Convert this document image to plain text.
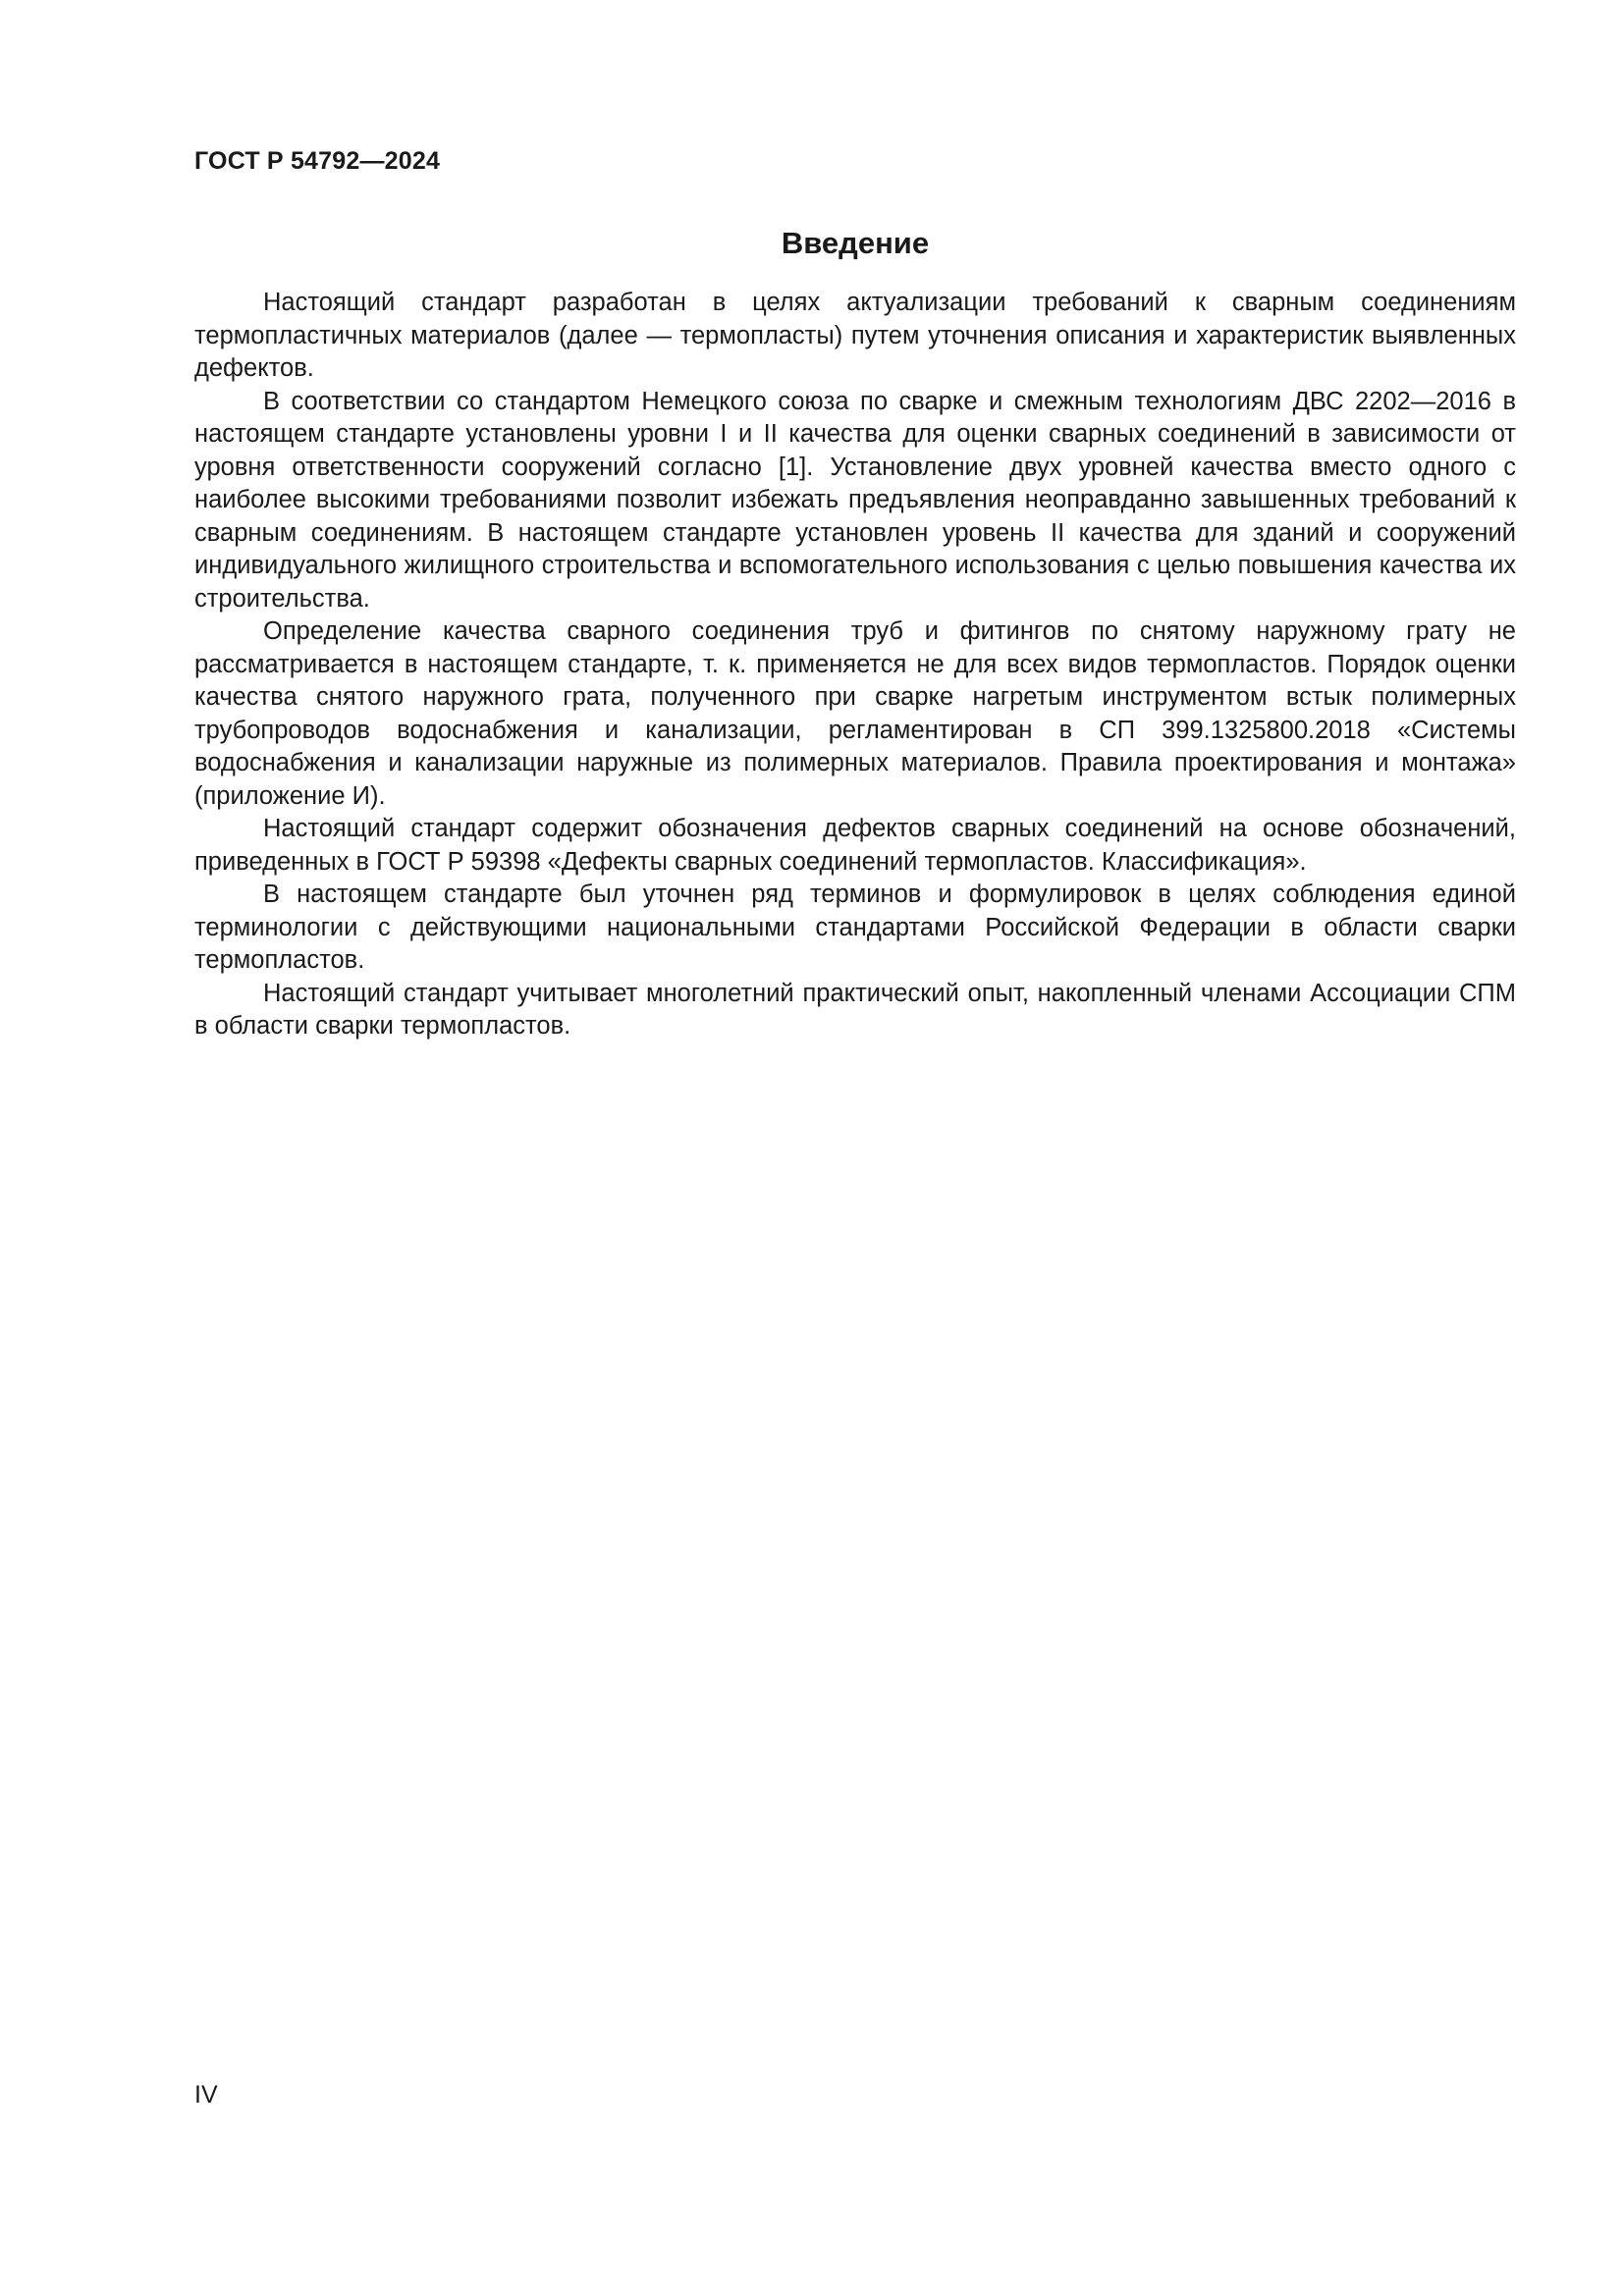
ГОСТ Р 54792—2024
Введение

Настоящий стандарт разработан в целях актуализации требований к сварным соединениям термопластичных материалов (далее — термопласты) путем уточнения описания и характеристик выявленных дефектов.

В соответствии со стандартом Немецкого союза по сварке и смежным технологиям ДВС 2202—2016 в настоящем стандарте установлены уровни I и II качества для оценки сварных соединений в зависимости от уровня ответственности сооружений согласно [1]. Установление двух уровней качества вместо одного с наиболее высокими требованиями позволит избежать предъявления неоправданно завышенных требований к сварным соединениям. В настоящем стандарте установлен уровень II качества для зданий и сооружений индивидуального жилищного строительства и вспомогательного использования с целью повышения качества их строительства.

Определение качества сварного соединения труб и фитингов по снятому наружному грату не рассматривается в настоящем стандарте, т. к. применяется не для всех видов термопластов. Порядок оценки качества снятого наружного грата, полученного при сварке нагретым инструментом встык полимерных трубопроводов водоснабжения и канализации, регламентирован в СП 399.1325800.2018 «Системы водоснабжения и канализации наружные из полимерных материалов. Правила проектирования и монтажа» (приложение И).

Настоящий стандарт содержит обозначения дефектов сварных соединений на основе обозначений, приведенных в ГОСТ Р 59398 «Дефекты сварных соединений термопластов. Классификация».

В настоящем стандарте был уточнен ряд терминов и формулировок в целях соблюдения единой терминологии с действующими национальными стандартами Российской Федерации в области сварки термопластов.

Настоящий стандарт учитывает многолетний практический опыт, накопленный членами Ассоциации СПМ в области сварки термопластов.

IV
